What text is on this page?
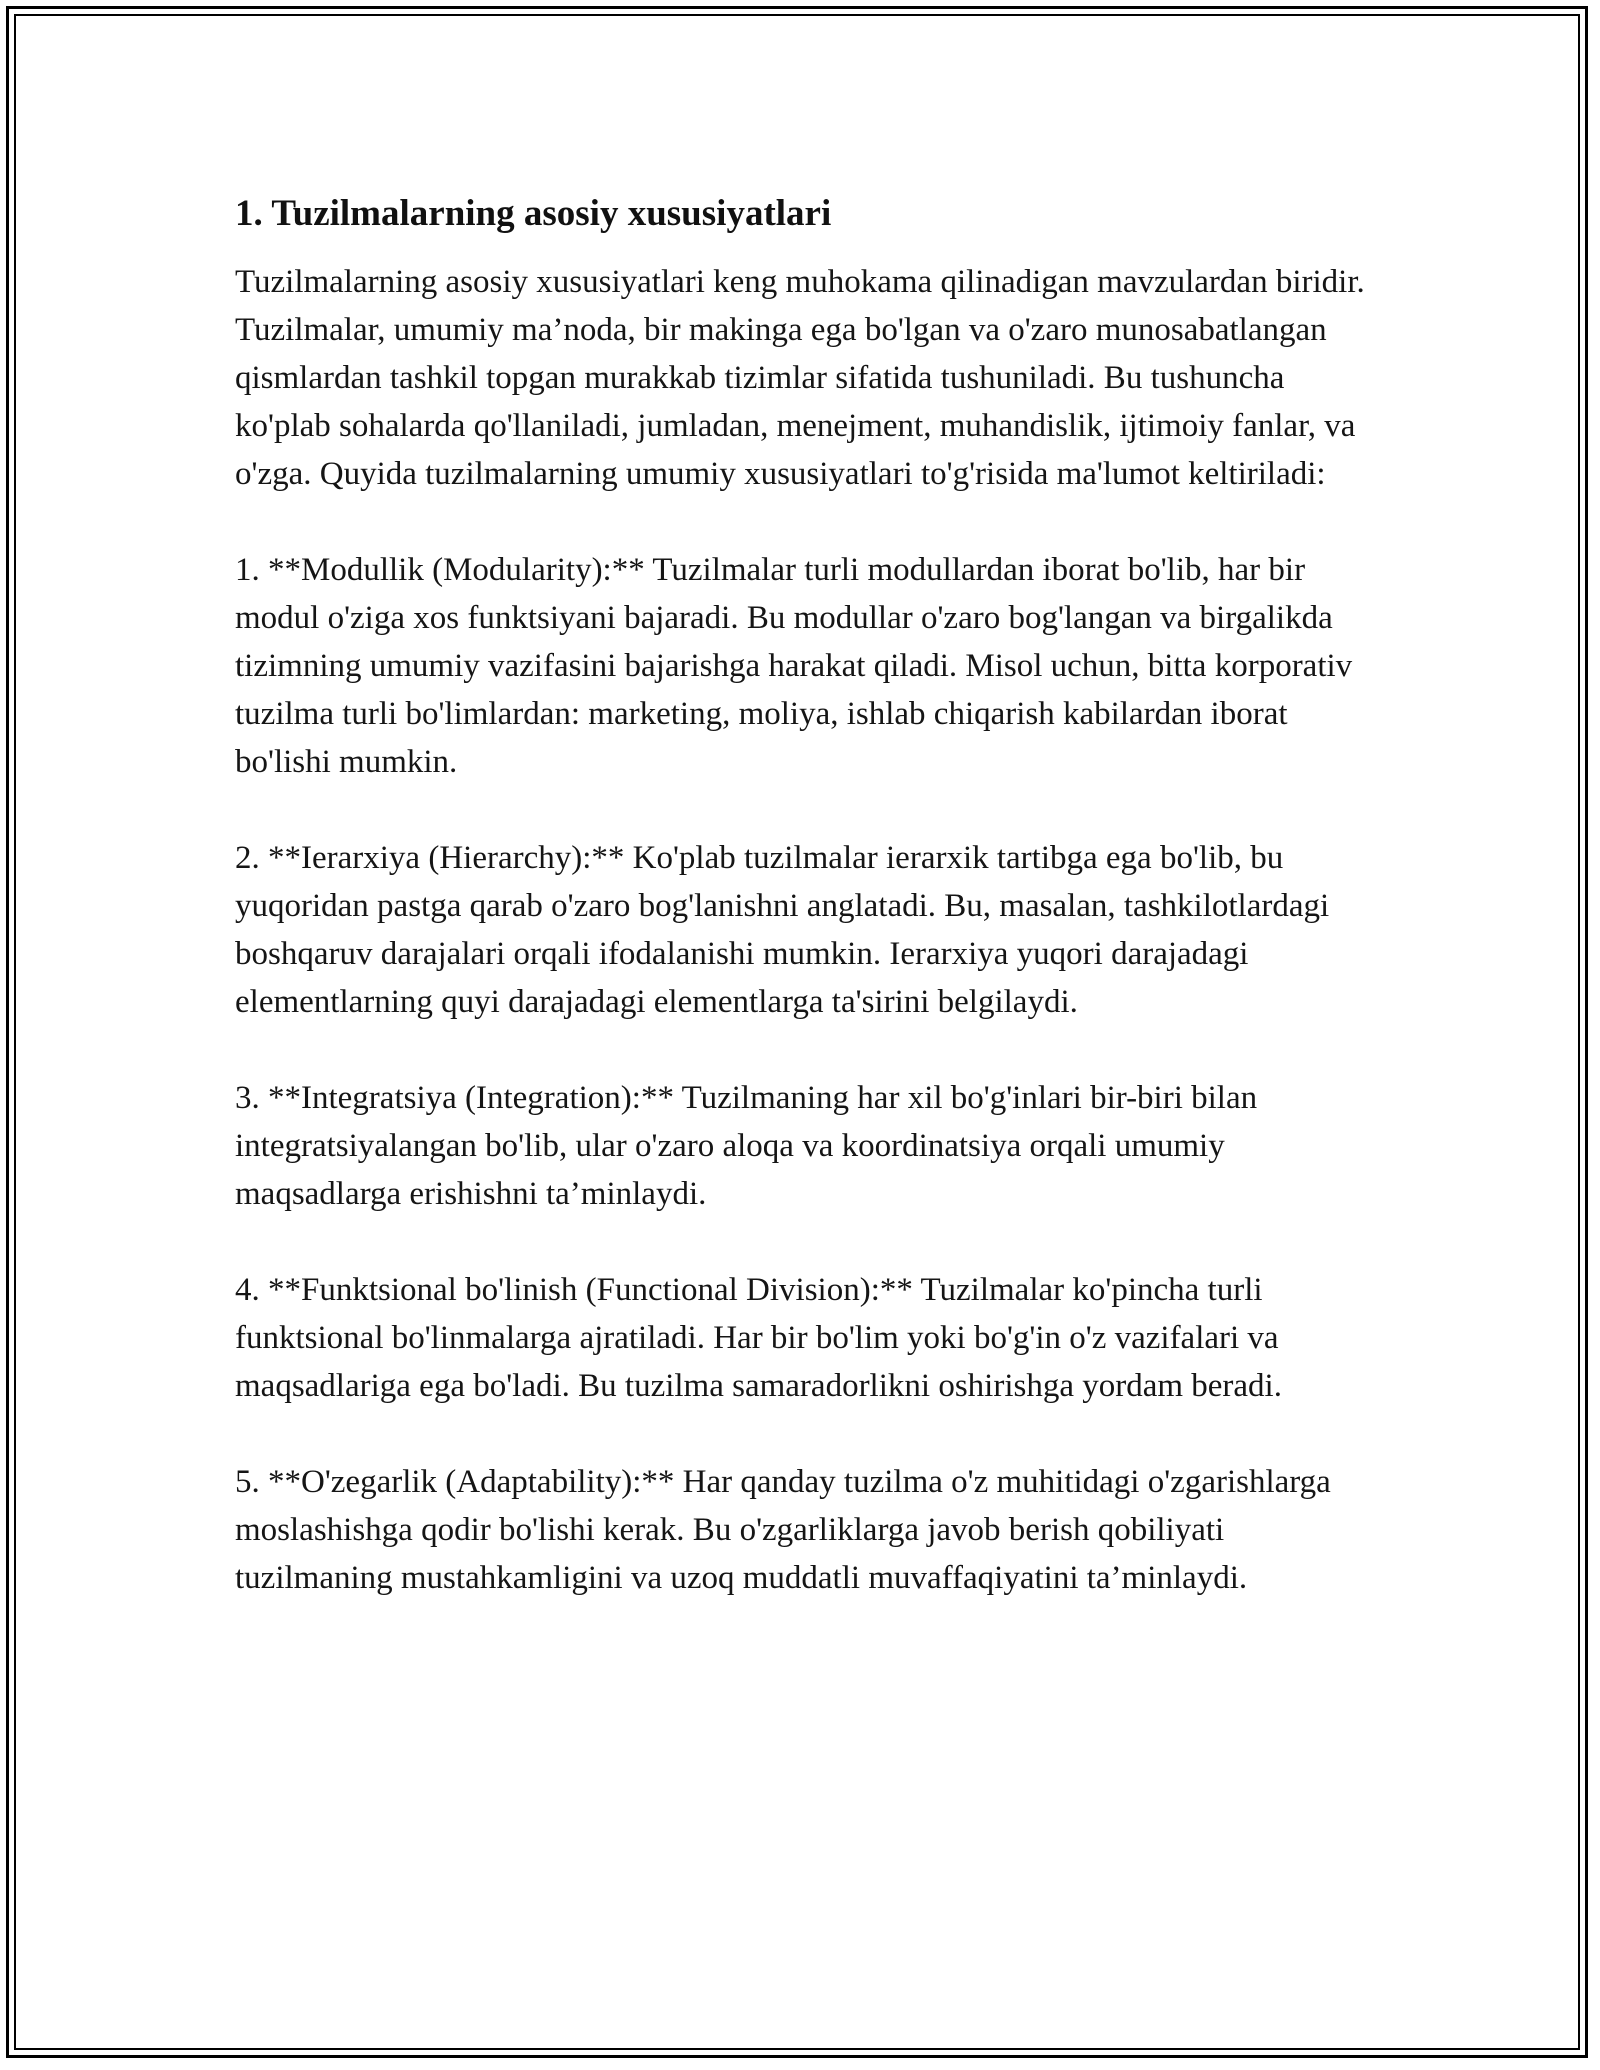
1. Tuzilmalarning asosiy xususiyatlari

Tuzilmalarning asosiy xususiyatlari keng muhokama qilinadigan mavzulardan biridir. Tuzilmalar, umumiy ma’noda, bir makinga ega bo'lgan va o'zaro munosabatlangan qismlardan tashkil topgan murakkab tizimlar sifatida tushuniladi. Bu tushuncha ko'plab sohalarda qo'llaniladi, jumladan, menejment, muhandislik, ijtimoiy fanlar, va o'zga. Quyida tuzilmalarning umumiy xususiyatlari to'g'risida ma'lumot keltiriladi:

1. **Modullik (Modularity):** Tuzilmalar turli modullardan iborat bo'lib, har bir modul o'ziga xos funktsiyani bajaradi. Bu modullar o'zaro bog'langan va birgalikda tizimning umumiy vazifasini bajarishga harakat qiladi. Misol uchun, bitta korporativ tuzilma turli bo'limlardan: marketing, moliya, ishlab chiqarish kabilardan iborat bo'lishi mumkin.

2. **Ierarxiya (Hierarchy):** Ko'plab tuzilmalar ierarxik tartibga ega bo'lib, bu yuqoridan pastga qarab o'zaro bog'lanishni anglatadi. Bu, masalan, tashkilotlardagi boshqaruv darajalari orqali ifodalanishi mumkin. Ierarxiya yuqori darajadagi elementlarning quyi darajadagi elementlarga ta'sirini belgilaydi.

3. **Integratsiya (Integration):** Tuzilmaning har xil bo'g'inlari bir-biri bilan integratsiyalangan bo'lib, ular o'zaro aloqa va koordinatsiya orqali umumiy maqsadlarga erishishni ta’minlaydi.

4. **Funktsional bo'linish (Functional Division):** Tuzilmalar ko'pincha turli funktsional bo'linmalarga ajratiladi. Har bir bo'lim yoki bo'g'in o'z vazifalari va maqsadlariga ega bo'ladi. Bu tuzilma samaradorlikni oshirishga yordam beradi.

5. **O'zegarlik (Adaptability):** Har qanday tuzilma o'z muhitidagi o'zgarishlarga moslashishga qodir bo'lishi kerak. Bu o'zgarliklarga javob berish qobiliyati tuzilmaning mustahkamligini va uzoq muddatli muvaffaqiyatini ta’minlaydi.
